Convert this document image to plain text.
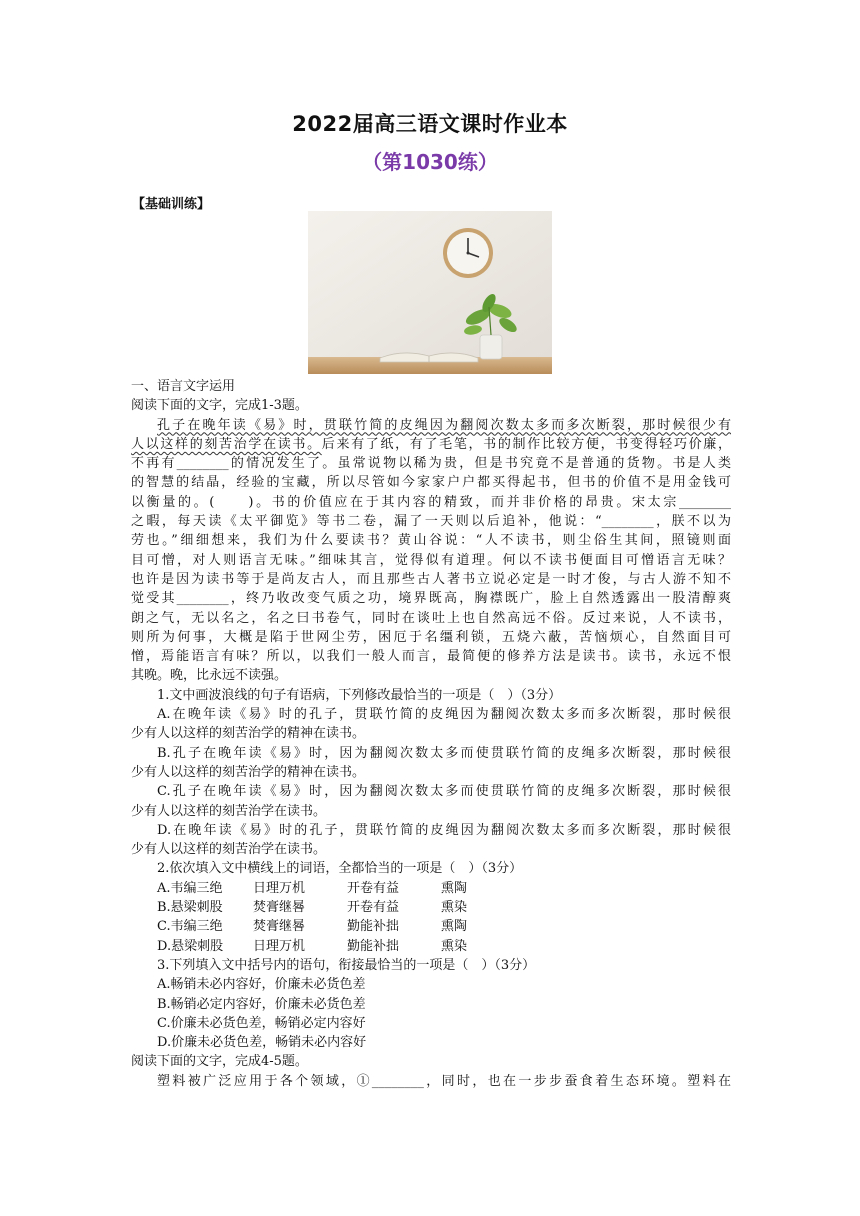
2022届高三语文课时作业本
（第1030练）
【基础训练】
一、语言文字运用
阅读下面的文字，完成1-3题。
孔子在晚年读《易》时，贯联竹简的皮绳因为翻阅次数太多而多次断裂，那时候很少有
人以这样的刻苦治学在读书。后来有了纸，有了毛笔，书的制作比较方便，书变得轻巧价廉，
不再有________的情况发生了。虽常说物以稀为贵，但是书究竟不是普通的货物。书是人类
的智慧的结晶，经验的宝藏，所以尽管如今家家户户都买得起书，但书的价值不是用金钱可
以衡量的。(　　)。书的价值应在于其内容的精致，而并非价格的昂贵。宋太宗________
之暇，每天读《太平御览》等书二卷，漏了一天则以后追补，他说：“________，朕不以为
劳也。”细细想来，我们为什么要读书？黄山谷说：“人不读书，则尘俗生其间，照镜则面
目可憎，对人则语言无味。”细味其言，觉得似有道理。何以不读书便面目可憎语言无味？
也许是因为读书等于是尚友古人，而且那些古人著书立说必定是一时才俊，与古人游不知不
觉受其________，终乃收改变气质之功，境界既高，胸襟既广，脸上自然透露出一股清醇爽
朗之气，无以名之，名之曰书卷气，同时在谈吐上也自然高远不俗。反过来说，人不读书，
则所为何事，大概是陷于世网尘劳，困厄于名缰利锁，五烧六蔽，苦恼烦心，自然面目可
憎，焉能语言有味？所以，以我们一般人而言，最简便的修养方法是读书。读书，永远不恨
其晚。晚，比永远不读强。
1.文中画波浪线的句子有语病，下列修改最恰当的一项是（　）（3分）
A.在晚年读《易》时的孔子，贯联竹简的皮绳因为翻阅次数太多而多次断裂，那时候很
少有人以这样的刻苦治学的精神在读书。
B.孔子在晚年读《易》时，因为翻阅次数太多而使贯联竹简的皮绳多次断裂，那时候很
少有人以这样的刻苦治学的精神在读书。
C.孔子在晚年读《易》时，因为翻阅次数太多而使贯联竹简的皮绳多次断裂，那时候很
少有人以这样的刻苦治学在读书。
D.在晚年读《易》时的孔子，贯联竹简的皮绳因为翻阅次数太多而多次断裂，那时候很
少有人以这样的刻苦治学在读书。
2.依次填入文中横线上的词语，全都恰当的一项是（　）（3分）
A.韦编三绝 日理万机	开卷有益	熏陶
B.悬梁刺股 焚膏继晷	开卷有益	熏染
C.韦编三绝 焚膏继晷	勤能补拙	熏陶
D.悬梁刺股 日理万机	勤能补拙	熏染
3.下列填入文中括号内的语句，衔接最恰当的一项是（　）（3分）
A.畅销未必内容好，价廉未必货色差
B.畅销必定内容好，价廉未必货色差
C.价廉未必货色差，畅销必定内容好
D.价廉未必货色差，畅销未必内容好
阅读下面的文字，完成4-5题。
塑料被广泛应用于各个领域，①________，同时，也在一步步蚕食着生态环境。塑料在
